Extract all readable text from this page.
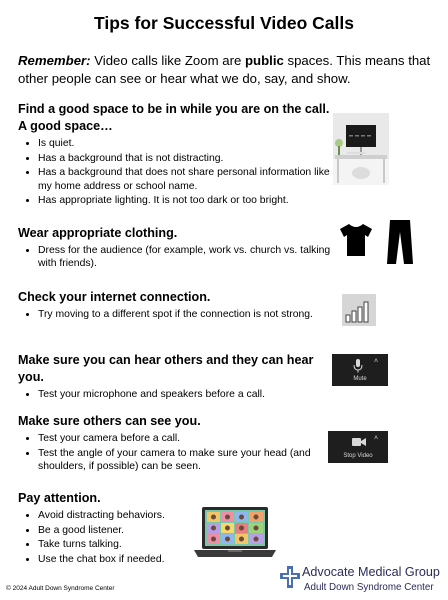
Tips for Successful Video Calls
Remember: Video calls like Zoom are public spaces. This means that other people can see or hear what we do, say, and show.
Find a good space to be in while you are on the call.
A good space…
• Is quiet.
• Has a background that is not distracting.
• Has a background that does not share personal information like my home address or school name.
• Has appropriate lighting. It is not too dark or too bright.
Wear appropriate clothing.
• Dress for the audience (for example, work vs. church vs. talking with friends).
Check your internet connection.
• Try moving to a different spot if the connection is not strong.
Make sure you can hear others and they can hear you.
• Test your microphone and speakers before a call.
˄
Mute
Make sure others can see you.
• Test your camera before a call.
• Test the angle of your camera to make sure your head (and shoulders, if possible) can be seen.
˄
Stop Video
Pay attention.
• Avoid distracting behaviors.
• Be a good listener.
• Take turns talking.
• Use the chat box if needed.
© 2024 Adult Down Syndrome Center
Advocate Medical Group
Adult Down Syndrome Center
